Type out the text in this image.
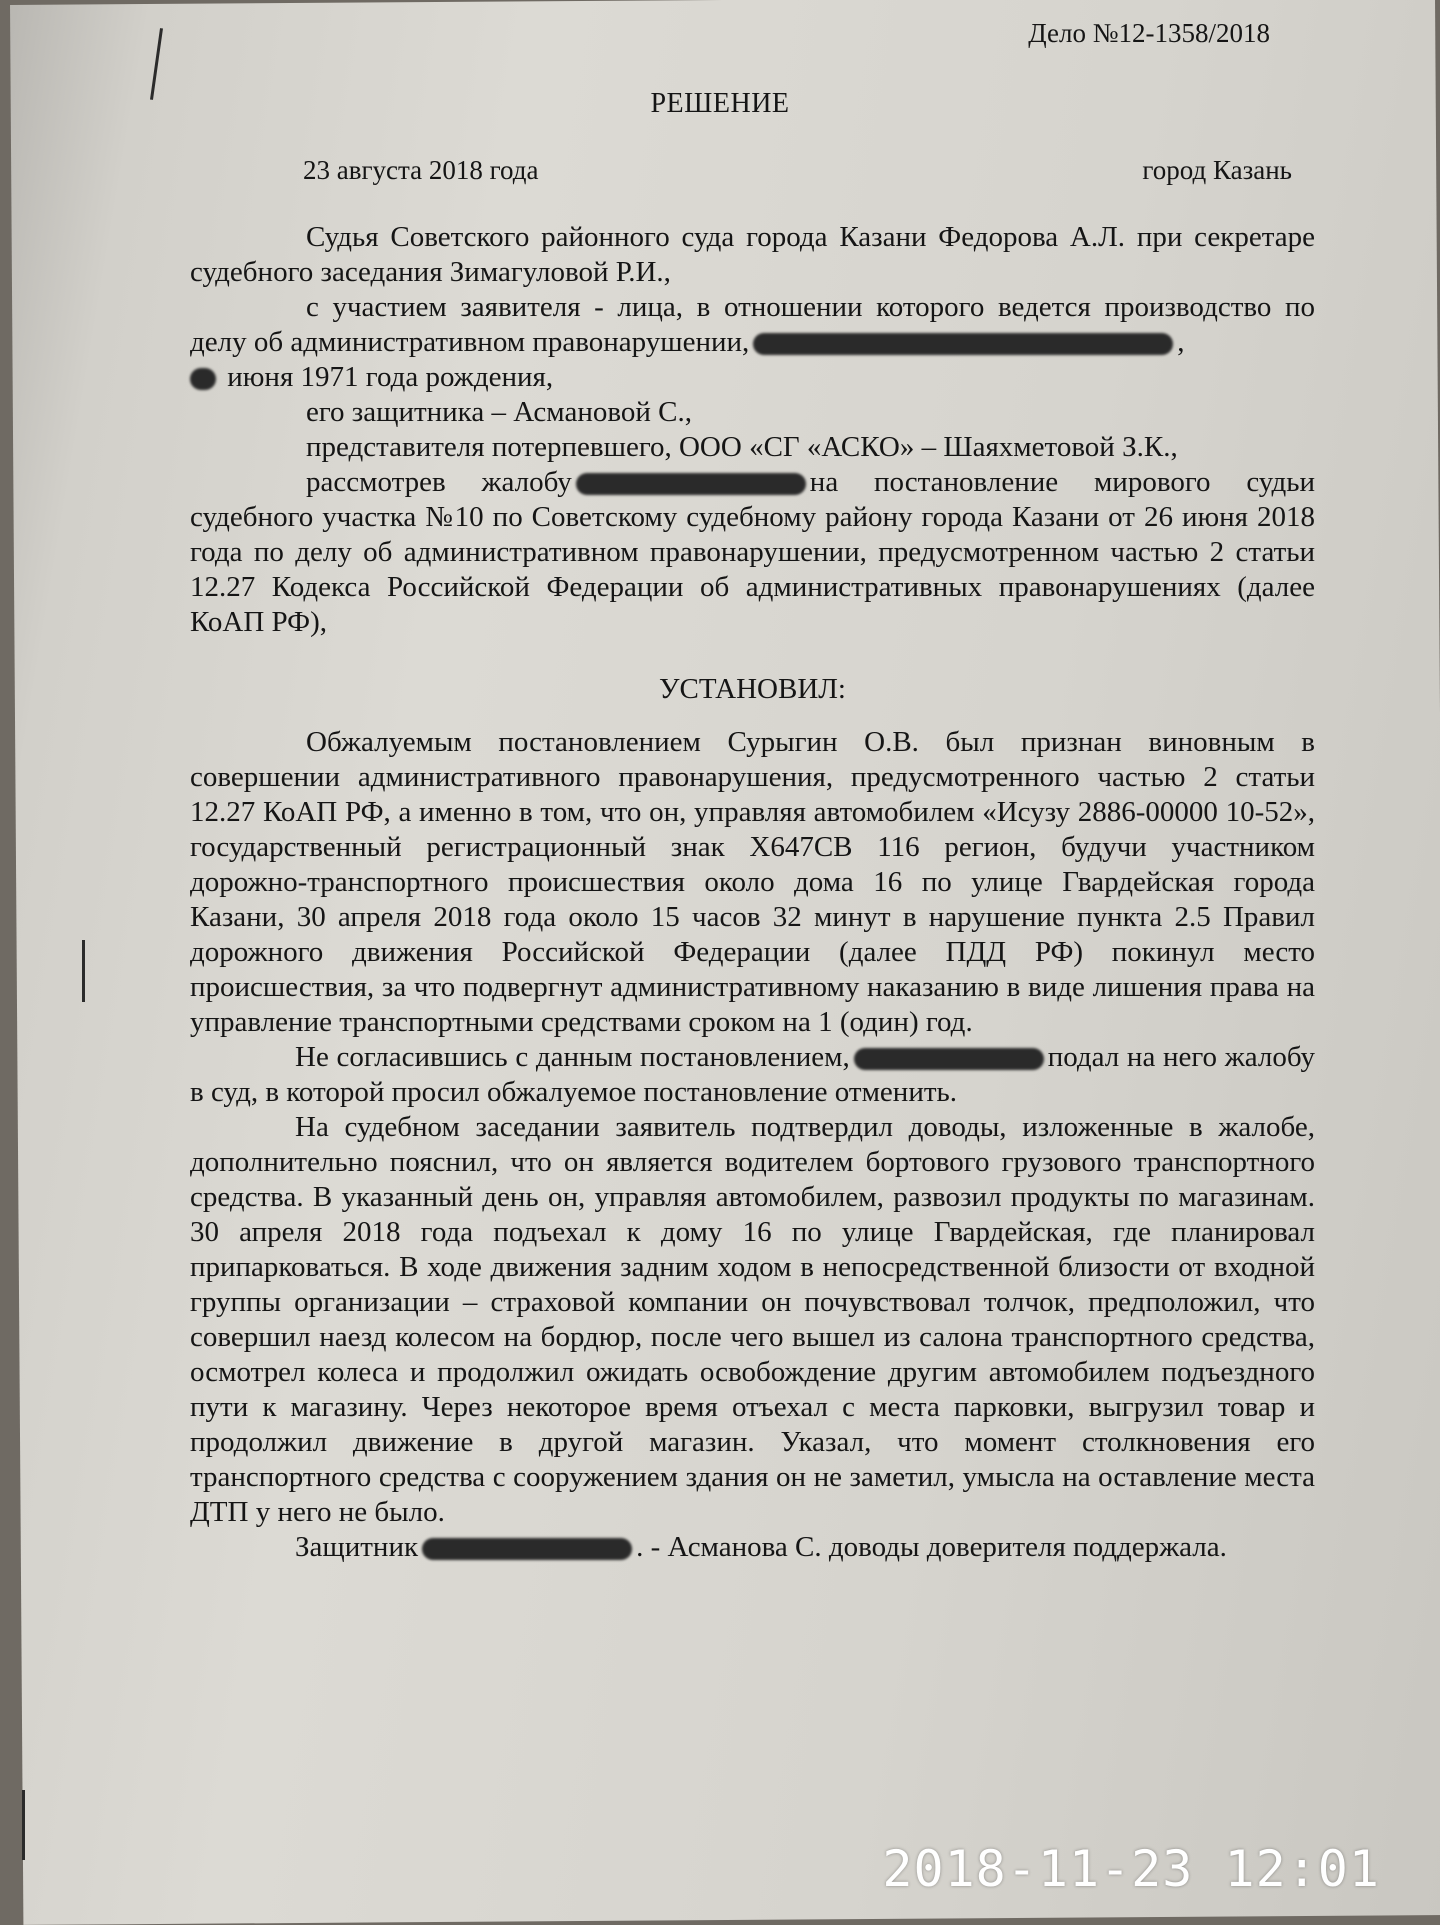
Дело №12-1358/2018
РЕШЕНИЕ
23 августа 2018 года	город Казань

Судья Советского районного суда города Казани Федорова А.Л. при секретаре судебного заседания Зимагуловой Р.И.,

с участием заявителя - лица, в отношении которого ведется производство по делу об административном правонарушении,	,

июня 1971 года рождения,

его защитника – Асмановой С.,

представителя потерпевшего, ООО «СГ «АСКО» – Шаяхметовой З.К.,

рассмотрев жалобу	на постановление мирового судьи судебного участка №10 по Советскому судебному району города Казани от 26 июня 2018 года по делу об административном правонарушении, предусмотренном частью 2 статьи 12.27 Кодекса Российской Федерации об административных правонарушениях (далее КоАП РФ),

УСТАНОВИЛ:

Обжалуемым постановлением Сурыгин О.В. был признан виновным в совершении административного правонарушения, предусмотренного частью 2 статьи 12.27 КоАП РФ, а именно в том, что он, управляя автомобилем «Исузу 2886-00000 10-52», государственный регистрационный знак Х647СВ 116 регион, будучи участником дорожно-транспортного происшествия около дома 16 по улице Гвардейская города Казани, 30 апреля 2018 года около 15 часов 32 минут в нарушение пункта 2.5 Правил дорожного движения Российской Федерации (далее ПДД РФ) покинул место происшествия, за что подвергнут административному наказанию в виде лишения права на управление транспортными средствами сроком на 1 (один) год.

Не согласившись с данным постановлением,	подал на него жалобу в суд, в которой просил обжалуемое постановление отменить.

На судебном заседании заявитель подтвердил доводы, изложенные в жалобе, дополнительно пояснил, что он является водителем бортового грузового транспортного средства. В указанный день он, управляя автомобилем, развозил продукты по магазинам. 30 апреля 2018 года подъехал к дому 16 по улице Гвардейская, где планировал припарковаться. В ходе движения задним ходом в непосредственной близости от входной группы организации – страховой компании он почувствовал толчок, предположил, что совершил наезд колесом на бордюр, после чего вышел из салона транспортного средства, осмотрел колеса и продолжил ожидать освобождение другим автомобилем подъездного пути к магазину. Через некоторое время отъехал с места парковки, выгрузил товар и продолжил движение в другой магазин. Указал, что момент столкновения его транспортного средства с сооружением здания он не заметил, умысла на оставление места ДТП у него не было.

Защитник	. - Асманова С. доводы доверителя поддержала.

2018-11-23 12:01
